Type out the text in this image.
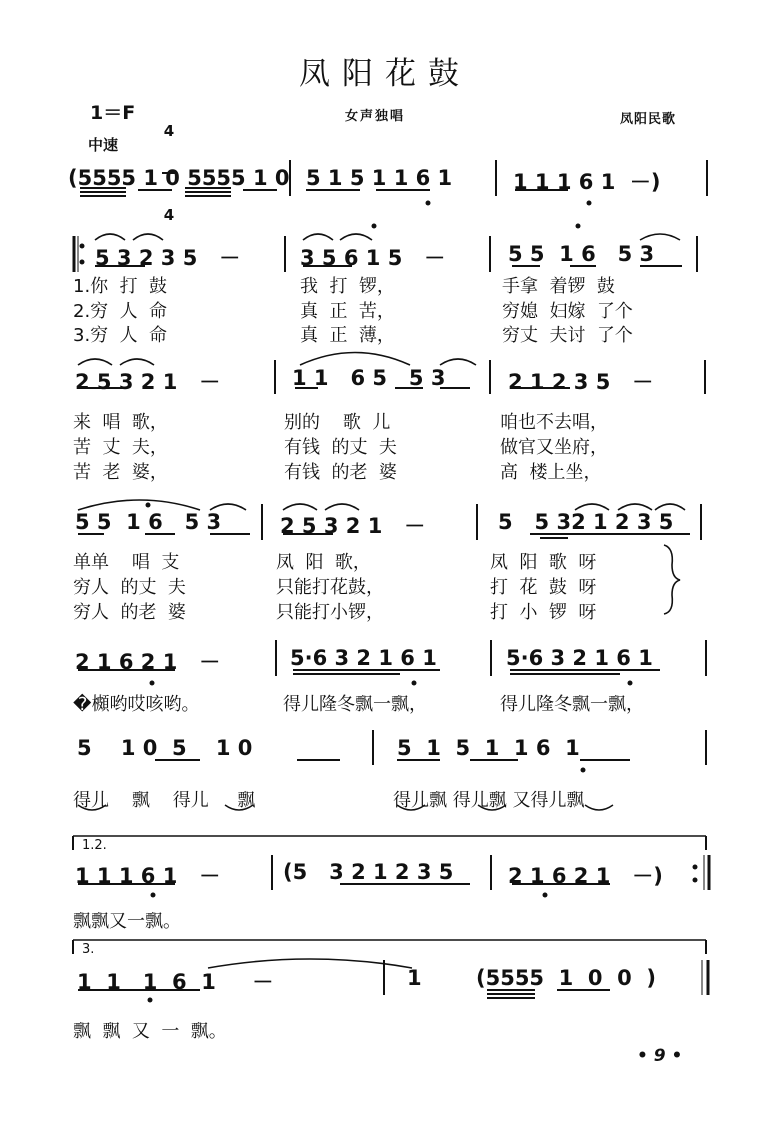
凤阳花鼓
1＝F

4

4

女声独唱	凤阳民歌
中速
(5555 1 0 5555 1 0 5 1 5 1 1 6 1	1 1 1 6 1  －)
5 3 2 3 5   －	3 5 6 1 5   －	5 5  1 6   5 3
1.你  打  鼓	我  打  锣，	手拿  着锣  鼓
2.穷  人  命	真  正  苦，	穷媳  妇嫁  了个
3.穷  人  命	真  正  薄，	穷丈  夫讨  了个
2 5 3 2 1   －	1 1   6 5   5 3	2 1 2 3 5   －
来  唱  歌，	别的    歌  儿	咱也不去唱，
苦  丈  夫，	有钱  的丈  夫	做官又坐府，
苦  老  婆，	有钱  的老  婆	高  楼上坐，
5 5  1 6   5 3	2 5 3 2 1   －	5   5 32 1 2 3 5
单单    唱  支	凤  阳  歌，	凤  阳  歌  呀
穷人  的丈  夫	只能打花鼓，	打  花  鼓  呀
穷人  的老  婆	只能打小锣，	打  小  锣  呀
2 1 6 2 1   －	5·6 3 2 1 6 1	5·6 3 2 1 6 1
�櫇哟哎咳哟。	得儿隆冬飘一飘，	得儿隆冬飘一飘，
5    1 0  5    1 0	5  1  5  1  1 6  1
得儿    飘    得儿     飘	得儿飘 得儿飘 又得儿飘
1 1 1 6 1   －	(5   3 2 1 2 3 5	2 1 6 2 1   －)
飘飘又一飘。
1.2.
1  1   1  6  1     －	1	(5555  1  0  0  )
飘  飘  又  一  飘。
3.
• 9 •
